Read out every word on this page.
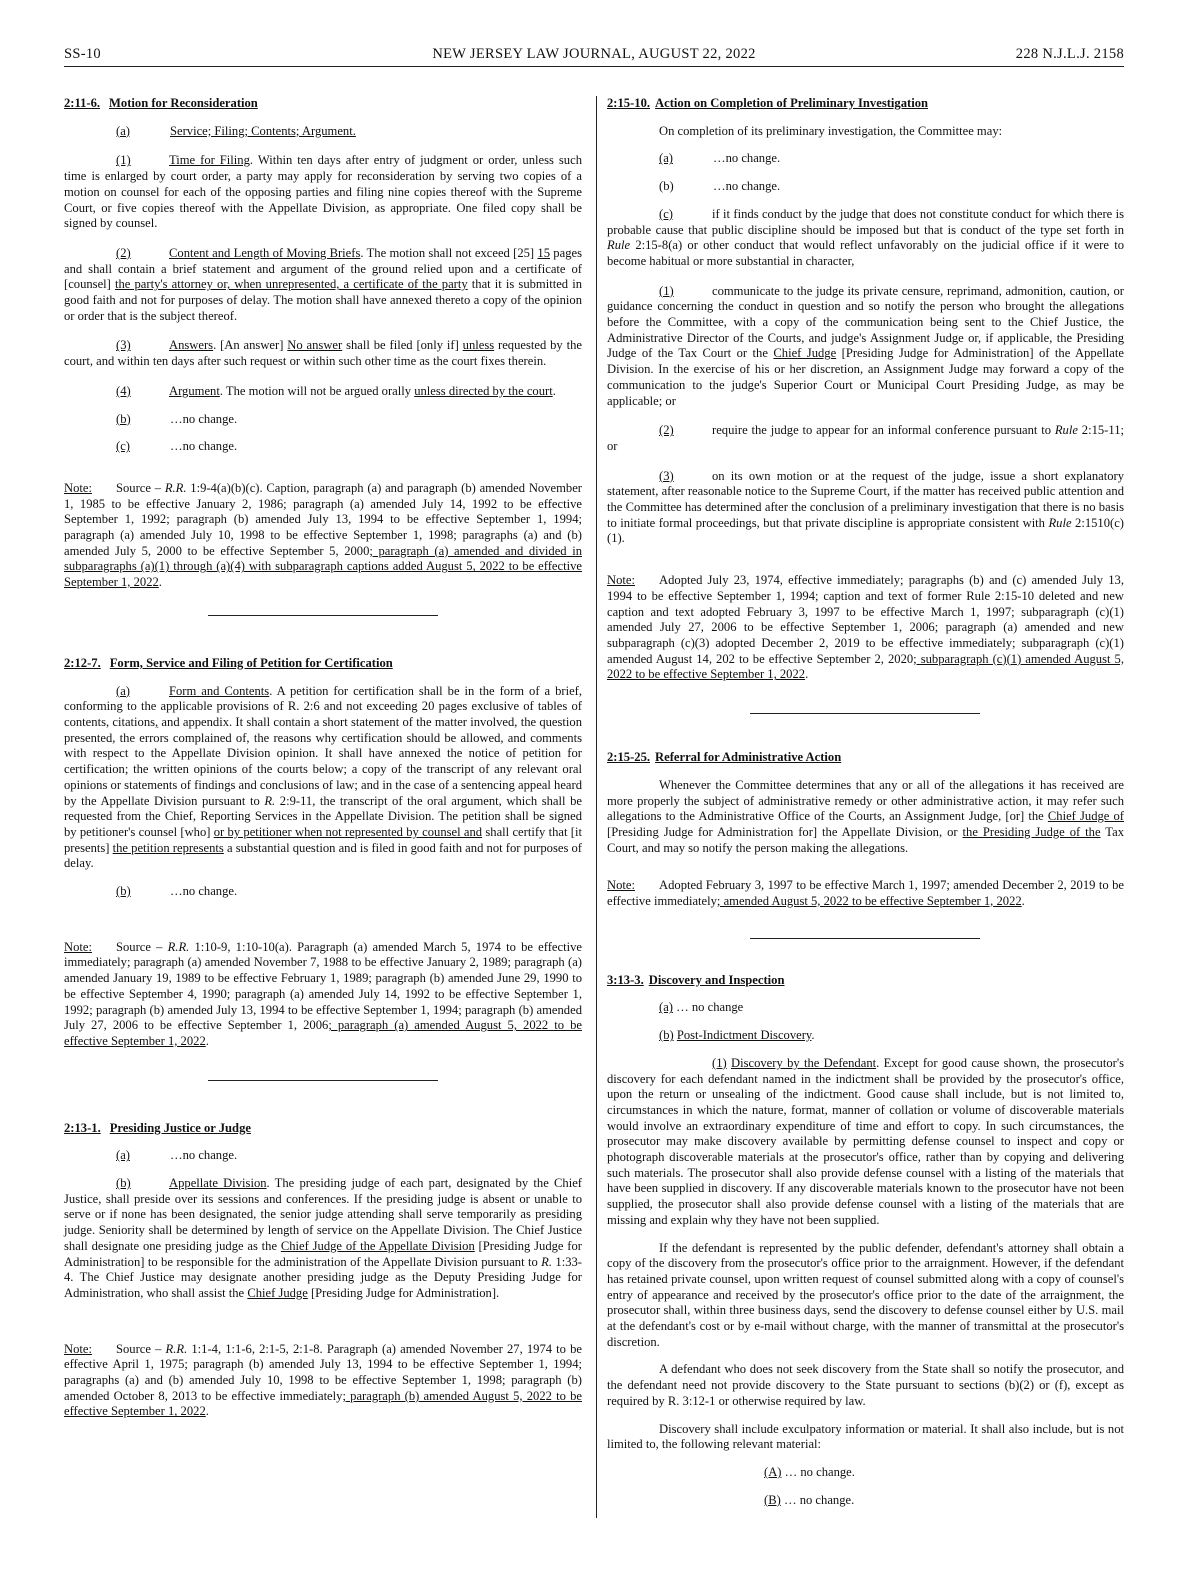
SS-10	NEW JERSEY LAW JOURNAL, AUGUST 22, 2022	228 N.J.L.J. 2158

2:11-6. Motion for Reconsideration

(a)	Service; Filing; Contents; Argument.

(1)	Time for Filing. Within ten days after entry of judgment or order, unless such time is enlarged by court order, a party may apply for reconsideration by serving two copies of a motion on counsel for each of the opposing parties and filing nine copies thereof with the Supreme Court, or five copies thereof with the Appellate Division, as appropriate. One filed copy shall be signed by counsel.

(2)	Content and Length of Moving Briefs. The motion shall not exceed [25] 15 pages and shall contain a brief statement and argument of the ground relied upon and a certificate of [counsel] the party's attorney or, when unrepresented, a certificate of the party that it is submitted in good faith and not for purposes of delay. The motion shall have annexed thereto a copy of the opinion or order that is the subject thereof.

(3)	Answers. [An answer] No answer shall be filed [only if] unless requested by the court, and within ten days after such request or within such other time as the court fixes therein.

(4)	Argument. The motion will not be argued orally unless directed by the court.

(b)	…no change.

(c)	…no change.

Note: Source – R.R. 1:9-4(a)(b)(c). Caption, paragraph (a) and paragraph (b) amended November 1, 1985 to be effective January 2, 1986; paragraph (a) amended July 14, 1992 to be effective September 1, 1992; paragraph (b) amended July 13, 1994 to be effective September 1, 1994; paragraph (a) amended July 10, 1998 to be effective September 1, 1998; paragraphs (a) and (b) amended July 5, 2000 to be effective September 5, 2000; paragraph (a) amended and divided in subparagraphs (a)(1) through (a)(4) with subparagraph captions added August 5, 2022 to be effective September 1, 2022.

2:12-7. Form, Service and Filing of Petition for Certification

(a)	Form and Contents. A petition for certification shall be in the form of a brief, conforming to the applicable provisions of R. 2:6 and not exceeding 20 pages exclusive of tables of contents, citations, and appendix. It shall contain a short statement of the matter involved, the question presented, the errors complained of, the reasons why certification should be allowed, and comments with respect to the Appellate Division opinion. It shall have annexed the notice of petition for certification; the written opinions of the courts below; a copy of the transcript of any relevant oral opinions or statements of findings and conclusions of law; and in the case of a sentencing appeal heard by the Appellate Division pursuant to R. 2:9-11, the transcript of the oral argument, which shall be requested from the Chief, Reporting Services in the Appellate Division. The petition shall be signed by petitioner's counsel [who] or by petitioner when not represented by counsel and shall certify that [it presents] the petition represents a substantial question and is filed in good faith and not for purposes of delay.

(b)	…no change.

Note: Source – R.R. 1:10-9, 1:10-10(a). Paragraph (a) amended March 5, 1974 to be effective immediately; paragraph (a) amended November 7, 1988 to be effective January 2, 1989; paragraph (a) amended January 19, 1989 to be effective February 1, 1989; paragraph (b) amended June 29, 1990 to be effective September 4, 1990; paragraph (a) amended July 14, 1992 to be effective September 1, 1992; paragraph (b) amended July 13, 1994 to be effective September 1, 1994; paragraph (b) amended July 27, 2006 to be effective September 1, 2006; paragraph (a) amended August 5, 2022 to be effective September 1, 2022.

2:13-1. Presiding Justice or Judge

(a)	…no change.

(b)	Appellate Division. The presiding judge of each part, designated by the Chief Justice, shall preside over its sessions and conferences. If the presiding judge is absent or unable to serve or if none has been designated, the senior judge attending shall serve temporarily as presiding judge. Seniority shall be determined by length of service on the Appellate Division. The Chief Justice shall designate one presiding judge as the Chief Judge of the Appellate Division [Presiding Judge for Administration] to be responsible for the administration of the Appellate Division pursuant to R. 1:33-4. The Chief Justice may designate another presiding judge as the Deputy Presiding Judge for Administration, who shall assist the Chief Judge [Presiding Judge for Administration].

Note: Source – R.R. 1:1-4, 1:1-6, 2:1-5, 2:1-8. Paragraph (a) amended November 27, 1974 to be effective April 1, 1975; paragraph (b) amended July 13, 1994 to be effective September 1, 1994; paragraphs (a) and (b) amended July 10, 1998 to be effective September 1, 1998; paragraph (b) amended October 8, 2013 to be effective immediately; paragraph (b) amended August 5, 2022 to be effective September 1, 2022.

2:15-10. Action on Completion of Preliminary Investigation

On completion of its preliminary investigation, the Committee may:

(a)	…no change.

(b)	…no change.

(c)	if it finds conduct by the judge that does not constitute conduct for which there is probable cause that public discipline should be imposed but that is conduct of the type set forth in Rule 2:15-8(a) or other conduct that would reflect unfavorably on the judicial office if it were to become habitual or more substantial in character,

(1)	communicate to the judge its private censure, reprimand, admonition, caution, or guidance concerning the conduct in question and so notify the person who brought the allegations before the Committee, with a copy of the communication being sent to the Chief Justice, the Administrative Director of the Courts, and judge's Assignment Judge or, if applicable, the Presiding Judge of the Tax Court or the Chief Judge [Presiding Judge for Administration] of the Appellate Division. In the exercise of his or her discretion, an Assignment Judge may forward a copy of the communication to the judge's Superior Court or Municipal Court Presiding Judge, as may be applicable; or

(2)	require the judge to appear for an informal conference pursuant to Rule 2:15-11; or

(3)	on its own motion or at the request of the judge, issue a short explanatory statement, after reasonable notice to the Supreme Court, if the matter has received public attention and the Committee has determined after the conclusion of a preliminary investigation that there is no basis to initiate formal proceedings, but that private discipline is appropriate consistent with Rule 2:1510(c)(1).

Note: Adopted July 23, 1974, effective immediately; paragraphs (b) and (c) amended July 13, 1994 to be effective September 1, 1994; caption and text of former Rule 2:15-10 deleted and new caption and text adopted February 3, 1997 to be effective March 1, 1997; subparagraph (c)(1) amended July 27, 2006 to be effective September 1, 2006; paragraph (a) amended and new subparagraph (c)(3) adopted December 2, 2019 to be effective immediately; subparagraph (c)(1) amended August 14, 202 to be effective September 2, 2020; subparagraph (c)(1) amended August 5, 2022 to be effective September 1, 2022.

2:15-25. Referral for Administrative Action

Whenever the Committee determines that any or all of the allegations it has received are more properly the subject of administrative remedy or other administrative action, it may refer such allegations to the Administrative Office of the Courts, an Assignment Judge, [or] the Chief Judge of [Presiding Judge for Administration for] the Appellate Division, or the Presiding Judge of the Tax Court, and may so notify the person making the allegations.

Note: Adopted February 3, 1997 to be effective March 1, 1997; amended December 2, 2019 to be effective immediately; amended August 5, 2022 to be effective September 1, 2022.

3:13-3. Discovery and Inspection

(a) … no change

(b) Post-Indictment Discovery.

(1) Discovery by the Defendant. Except for good cause shown, the prosecutor's discovery for each defendant named in the indictment shall be provided by the prosecutor's office, upon the return or unsealing of the indictment. Good cause shall include, but is not limited to, circumstances in which the nature, format, manner of collation or volume of discoverable materials would involve an extraordinary expenditure of time and effort to copy. In such circumstances, the prosecutor may make discovery available by permitting defense counsel to inspect and copy or photograph discoverable materials at the prosecutor's office, rather than by copying and delivering such materials. The prosecutor shall also provide defense counsel with a listing of the materials that have been supplied in discovery. If any discoverable materials known to the prosecutor have not been supplied, the prosecutor shall also provide defense counsel with a listing of the materials that are missing and explain why they have not been supplied.

If the defendant is represented by the public defender, defendant's attorney shall obtain a copy of the discovery from the prosecutor's office prior to the arraignment. However, if the defendant has retained private counsel, upon written request of counsel submitted along with a copy of counsel's entry of appearance and received by the prosecutor's office prior to the date of the arraignment, the prosecutor shall, within three business days, send the discovery to defense counsel either by U.S. mail at the defendant's cost or by e-mail without charge, with the manner of transmittal at the prosecutor's discretion.

A defendant who does not seek discovery from the State shall so notify the prosecutor, and the defendant need not provide discovery to the State pursuant to sections (b)(2) or (f), except as required by R. 3:12-1 or otherwise required by law.

Discovery shall include exculpatory information or material. It shall also include, but is not limited to, the following relevant material:

(A) … no change.

(B) … no change.
